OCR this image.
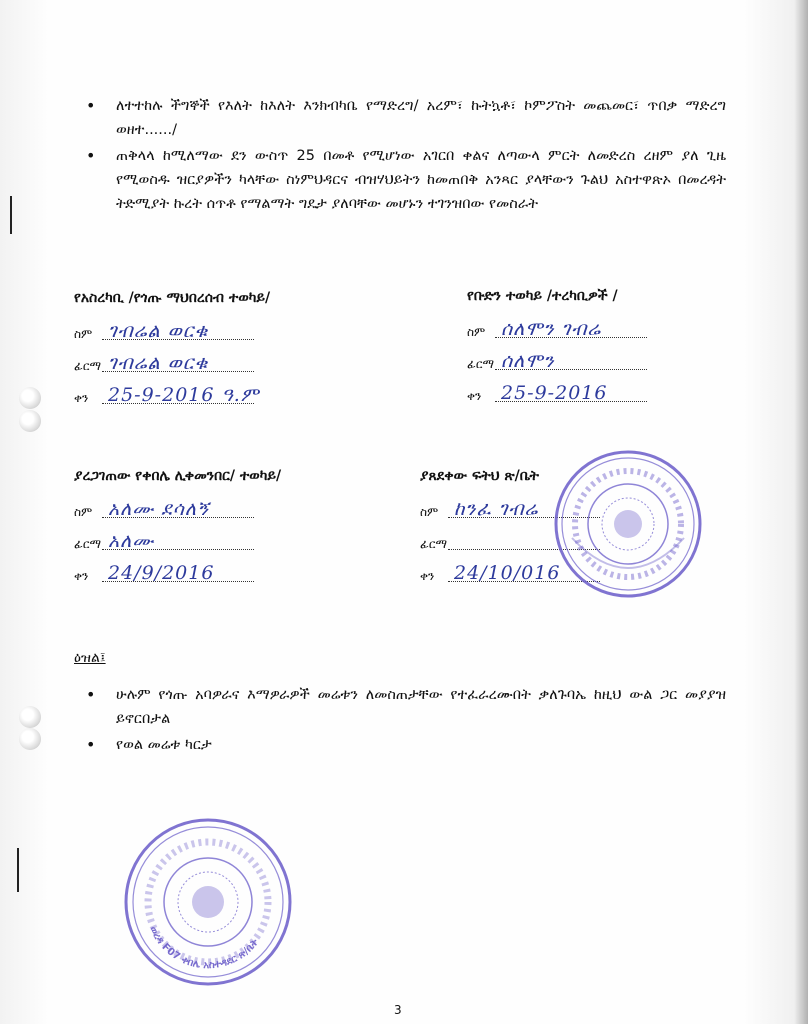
• ለተተከሉ ችግኞች የእለት ከእለት እንክብካቤ የማድረግ/ አረም፣ ኩትኳቶ፣ ኮምፖስት መጨመር፣ ጥበቃ ማድረግ ወዘተ....../
• ጠቅላላ ከሚለማው ደን ውስጥ 25 በመቶ የሚሆነው አገርበ ቀልና ለጣውላ ምርት ለመድረስ ረዘም ያለ ጊዜ የሚወስዱ ዝርያዎችን ካላቸው ስነምህዳርና ብዝሃህይትን ከመጠበቅ አንጻር ያላቸውን ጉልህ አስተዋጽኦ በመረዳት ትድሚያት ኩረት ሰጥቶ የማልማት ግዴታ ያለባቸው መሆኑን ተገንዝበው የመስራት
የአስረካቢ /የጎጡ ማህበረሰብ ተወካይ/
ስም ገብሬል ወርቁ
ፊርማ ገብሬል ወርቁ
ቀን 25-9-2016 ዓ.ም
የቡድን ተወካይ /ተረካቢዎች /
ስም ሰለሞን ገብሬ
ፊርማ ሰለሞን
ቀን 25-9-2016
ያረጋገጠው የቀበሌ ሊቀመንበር/ ተወካይ/
ስም አለሙ ደሳለኝ
ፊርማ አለሙ
ቀን 24/9/2016
ያጸደቀው ፍትህ ጽ/ቤት
ስም ከንፈ ገብሬ
ፊርማ
ቀን 24/10/016
ዕዝል፤
• ሁሉም የጎጡ አባዎራና እማዎራዎች መሬቱን ለመስጠታቸው የተፈራረሙበት ቃለጉባኤ ከዚህ ውል ጋር መያያዝ ይኖርበታል
• የወል መሬቱ ካርታ
ወረዳ F07 ቀበሌ አስተዳደር ጽ/ቤት
3
